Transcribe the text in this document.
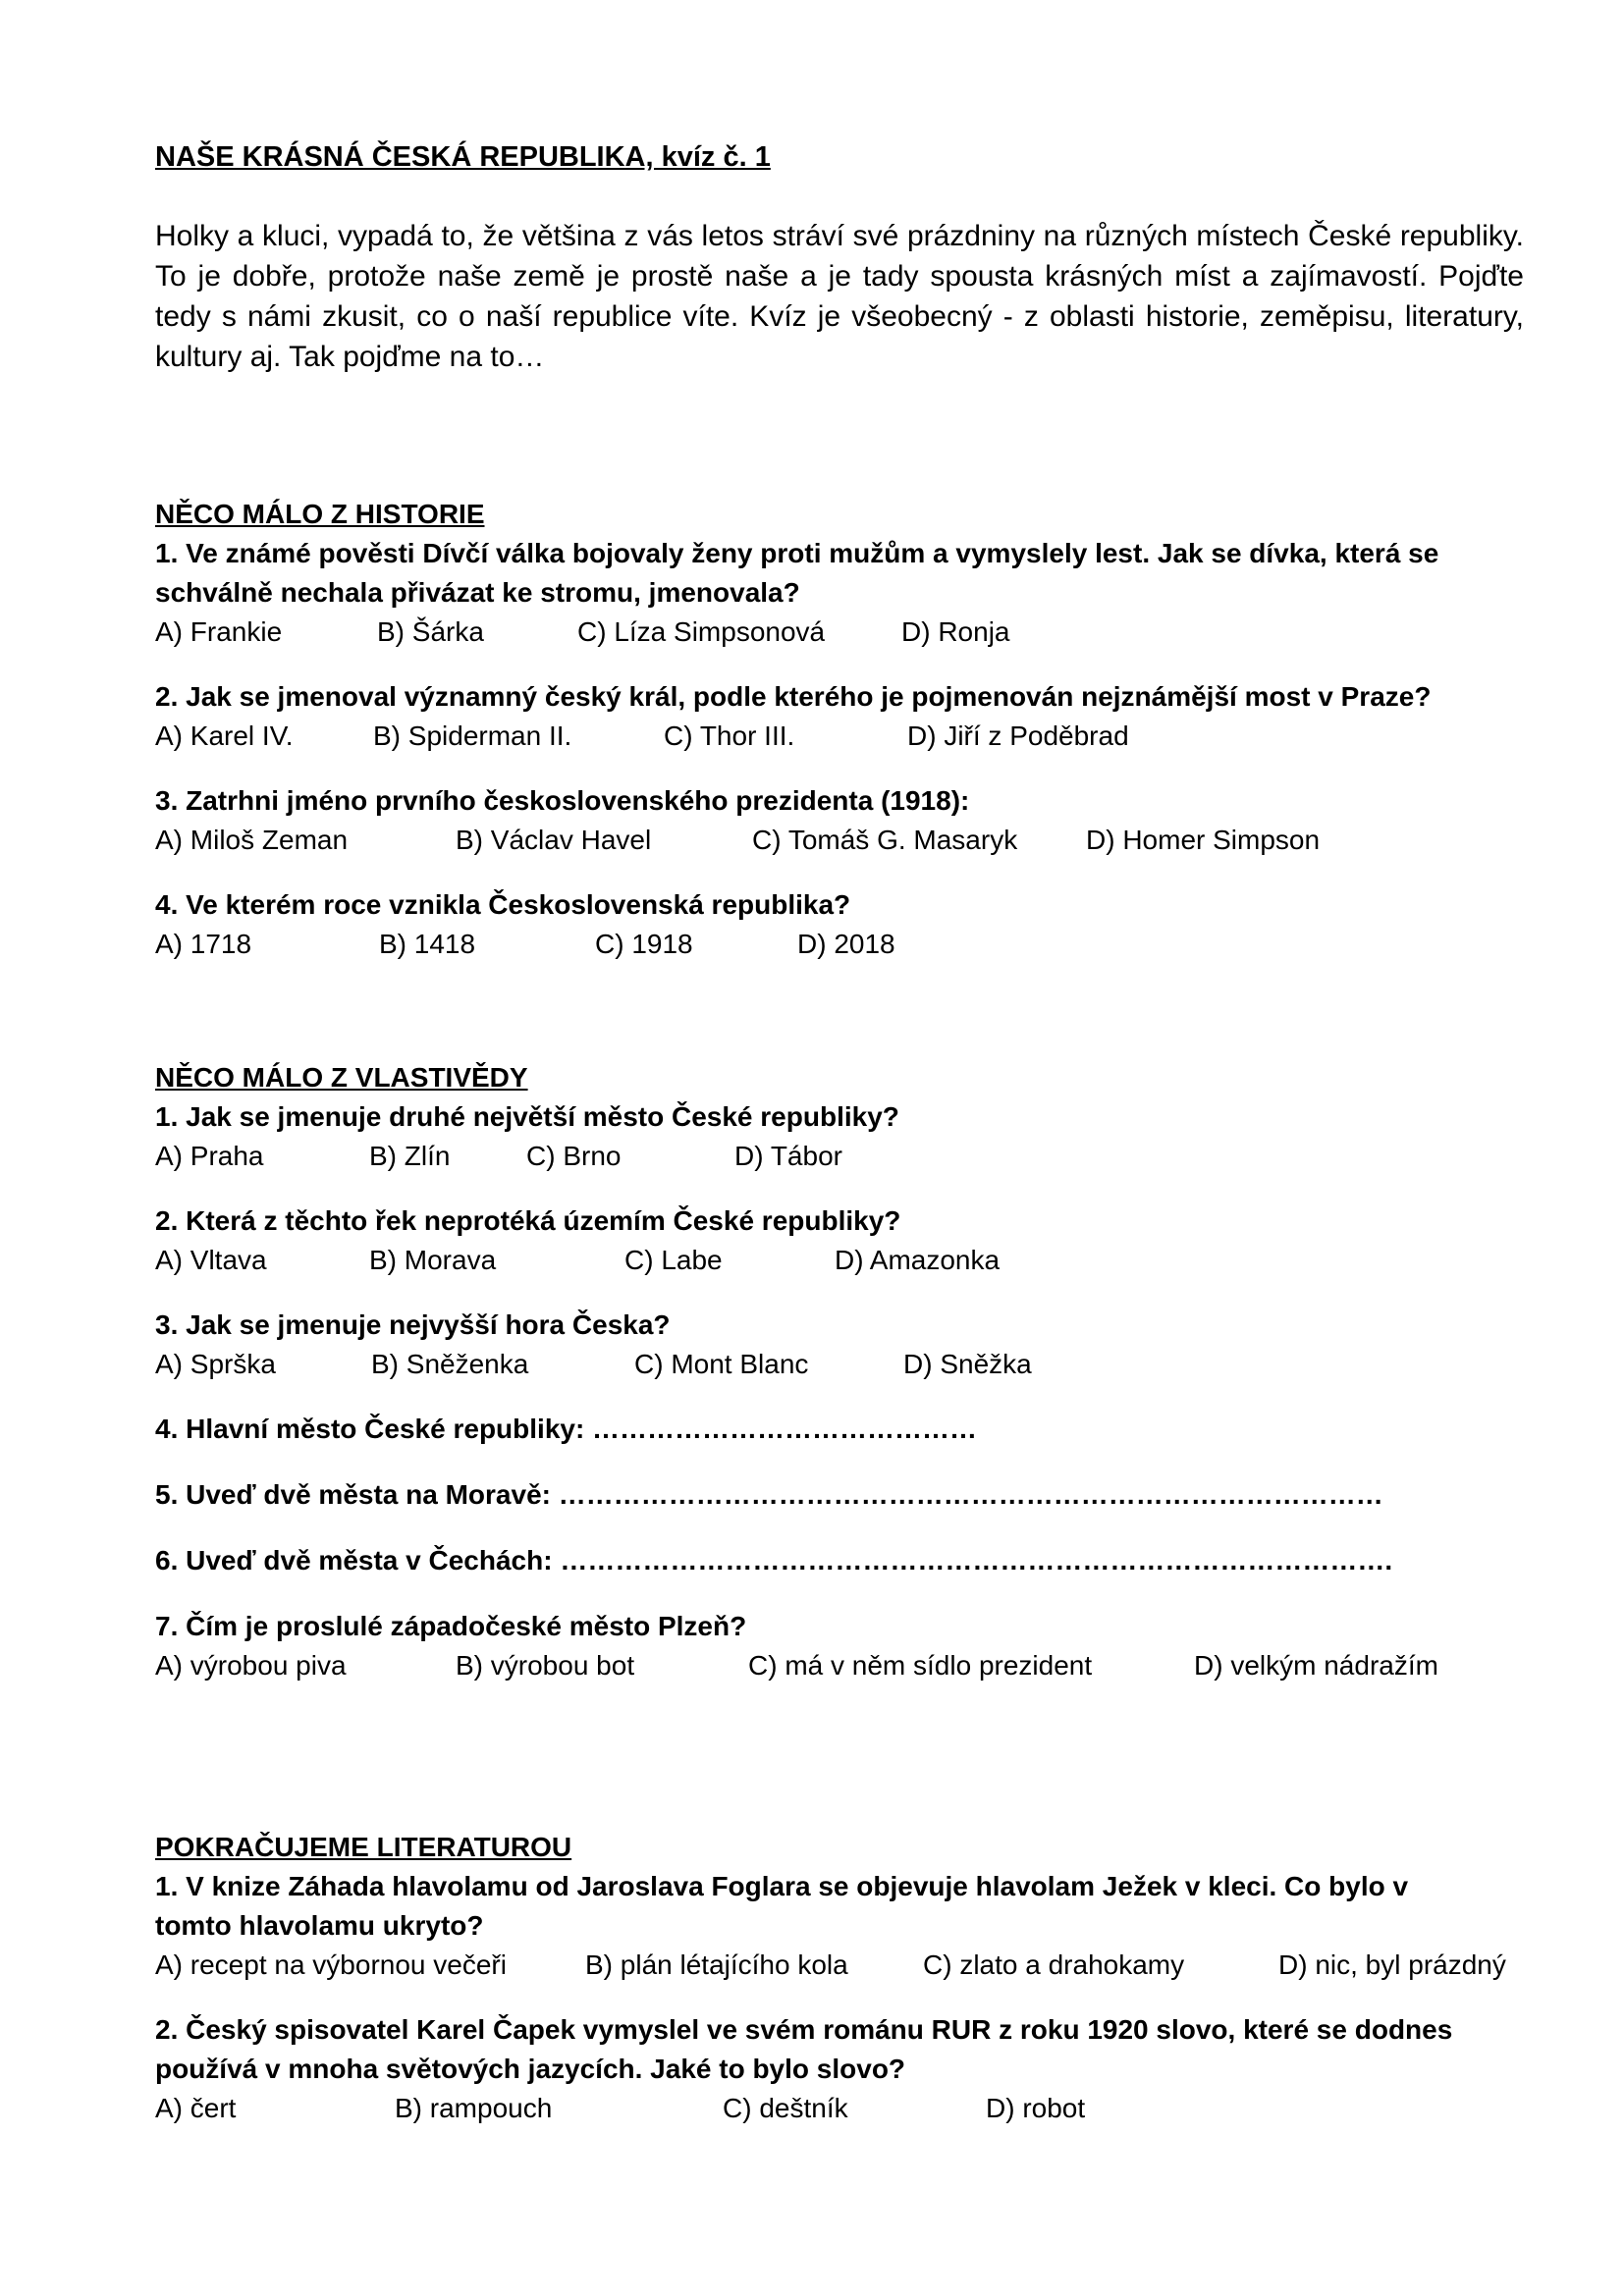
NAŠE KRÁSNÁ ČESKÁ REPUBLIKA, kvíz č. 1
Holky a kluci, vypadá to, že většina z vás letos stráví své prázdniny na různých místech České republiky. To je dobře, protože naše země je prostě naše a je tady spousta krásných míst a zajímavostí. Pojďte tedy s námi zkusit, co o naší republice víte. Kvíz je všeobecný - z oblasti historie, zeměpisu, literatury, kultury aj. Tak pojďme na to…
NĚCO MÁLO Z HISTORIE
1. Ve známé pověsti Dívčí válka bojovaly ženy proti mužům a vymyslely lest. Jak se dívka, která se schválně nechala přivázat ke stromu, jmenovala?
A) Frankie	B) Šárka	C) Líza Simpsonová	D) Ronja
2. Jak se jmenoval významný český král, podle kterého je pojmenován nejznámější most v Praze?
A) Karel IV.	B) Spiderman II.	C) Thor III.	D) Jiří z Poděbrad
3. Zatrhni jméno prvního československého prezidenta (1918):
A) Miloš Zeman	B) Václav Havel	C) Tomáš G. Masaryk D) Homer Simpson
4. Ve kterém roce vznikla Československá republika?
A) 1718	B) 1418	C) 1918	D) 2018
NĚCO MÁLO Z VLASTIVĚDY
1. Jak se jmenuje druhé největší město České republiky?
A) Praha	B) Zlín	C) Brno	D) Tábor
2. Která z těchto řek neprotéká územím České republiky?
A) Vltava	B) Morava	C) Labe	D) Amazonka
3. Jak se jmenuje nejvyšší hora Česka?
A) Sprška	B) Sněženka	C) Mont Blanc	D) Sněžka
4. Hlavní město České republiky: ……………………………………
5. Uveď dvě města na Moravě: ………………………………………………………………………………
6. Uveď dvě města v Čechách: ……………………………………………………………………………….
7. Čím je proslulé západočeské město Plzeň?
A) výrobou piva	B) výrobou bot	C) má v něm sídlo prezident	D) velkým nádražím
POKRAČUJEME LITERATUROU
1. V knize Záhada hlavolamu od Jaroslava Foglara se objevuje hlavolam Ježek v kleci. Co bylo v tomto hlavolamu ukryto?
A) recept na výbornou večeři	B) plán létajícího kola	C) zlato a drahokamy	D) nic, byl prázdný
2. Český spisovatel Karel Čapek vymyslel ve svém románu RUR z roku 1920 slovo, které se dodnes používá v mnoha světových jazycích. Jaké to bylo slovo?
A) čert	B) rampouch	C) deštník	D) robot
